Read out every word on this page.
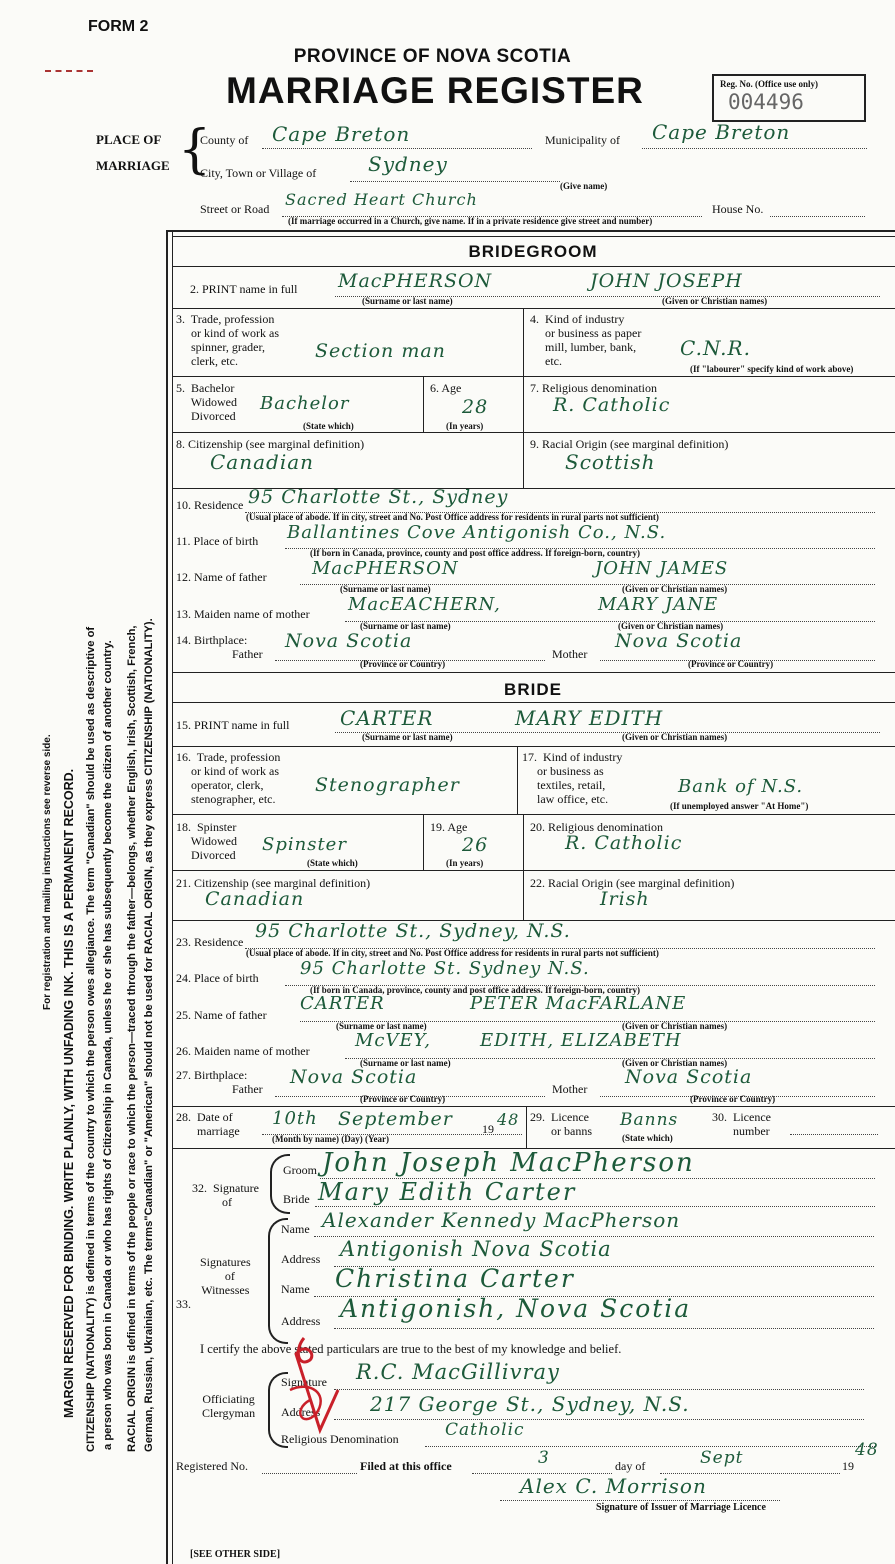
FORM 2
PROVINCE OF NOVA SCOTIA
MARRIAGE REGISTER	Reg. No. (Office use only)
004496
PLACE OF
MARRIAGE {
County of Cape Breton	Municipality of Cape Breton
City, Town or Village of	Sydney
(Give name)
Street or Road Sacred Heart Church	House No.
(If marriage occurred in a Church, give name. If in a private residence give street and number)
For registration and mailing instructions see reverse side. MARGIN RESERVED FOR BINDING. WRITE PLAINLY, WITH UNFADING INK. THIS IS A PERMANENT RECORD. CITIZENSHIP (NATIONALITY) is defined in terms of the country to which the person owes allegiance. The term "Canadian" should be used as descriptive of a person who was born in Canada or who has rights of Citizenship in Canada, unless he or she has subsequently become the citizen of another country. RACIAL ORIGIN is defined in terms of the people or race to which the person—traced through the father—belongs, whether English, Irish, Scottish, French, German, Russian, Ukrainian, etc. The terms"Canadian" or "American" should not be used for RACIAL ORIGIN, as they express CITIZENSHIP (NATIONALITY).
BRIDEGROOM
2. PRINT name in full MacPHERSON	JOHN JOSEPH
(Surname or last name)	(Given or Christian names)
3.  Trade, profession
or kind of work as
spinner, grader,
clerk, etc.	Section man
4.  Kind of industry
or business as paper
mill, lumber, bank,
etc.
C.N.R.
(If "labourer" specify kind of work above)
5.  Bachelor
Widowed
Divorced
Bachelor
(State which)
6. Age
28
(In years)
7. Religious denomination
R. Catholic
8. Citizenship (see marginal definition)
Canadian
9. Racial Origin (see marginal definition)
Scottish
10. Residence 95 Charlotte St., Sydney
(Usual place of abode. If in city, street and No. Post Office address for residents in rural parts not sufficient)
11. Place of birth Ballantines Cove Antigonish Co., N.S.
(If born in Canada, province, county and post office address. If foreign-born, country)
12. Name of father	MacPHERSON	JOHN JAMES
(Surname or last name)	(Given or Christian names)
13. Maiden name of mother MacEACHERN,	MARY JANE
(Surname or last name)	(Given or Christian names)
14. Birthplace:
Father
Nova Scotia
Mother
Nova Scotia
(Province or Country)	(Province or Country)
BRIDE
15. PRINT name in full	CARTER	MARY EDITH
(Surname or last name)	(Given or Christian names)
16.  Trade, profession
or kind of work as
operator, clerk,
stenographer, etc.
Stenographer
17.  Kind of industry
or business as
textiles, retail,
law office, etc.
Bank of N.S.
(If unemployed answer "At Home")
18.  Spinster
Widowed
Divorced Spinster
(State which)
19. Age
26
(In years)
20. Religious denomination
R. Catholic
21. Citizenship (see marginal definition)
Canadian
22. Racial Origin (see marginal definition)
Irish
23. Residence 95 Charlotte St., Sydney, N.S.
(Usual place of abode. If in city, street and No. Post Office address for residents in rural parts not sufficient)
24. Place of birth 95 Charlotte St. Sydney N.S.
(If born in Canada, province, county and post office address. If foreign-born, country)
25. Name of father
CARTER	PETER MacFARLANE
(Surname or last name)	(Given or Christian names)
26. Maiden name of mother	McVEY,	EDITH, ELIZABETH
(Surname or last name)	(Given or Christian names)
27. Birthplace:
Father
Nova Scotia
Mother
Nova Scotia
(Province or Country)	(Province or Country)
28.  Date of
marriage
10th September 19 48
(Month by name) (Day) (Year)
29.  Licence
or banns
Banns
(State which)
30.  Licence
number
32.  Signature
of
Groom John Joseph MacPherson
Bride Mary Edith Carter
Signatures
of
Witnesses
33.
Name Alexander Kennedy MacPherson
Address Antigonish Nova Scotia
Name Christina Carter
Address Antigonish, Nova Scotia
I certify the above stated particulars are true to the best of my knowledge and belief.
Officiating
Clergyman
Signature R.C. MacGillivray
Address 217 George St., Sydney, N.S.
Religious Denomination	Catholic
Registered No.	Filed at this office	3	day of	Sept	19
48
Alex C. Morrison
Signature of Issuer of Marriage Licence
[SEE OTHER SIDE]
